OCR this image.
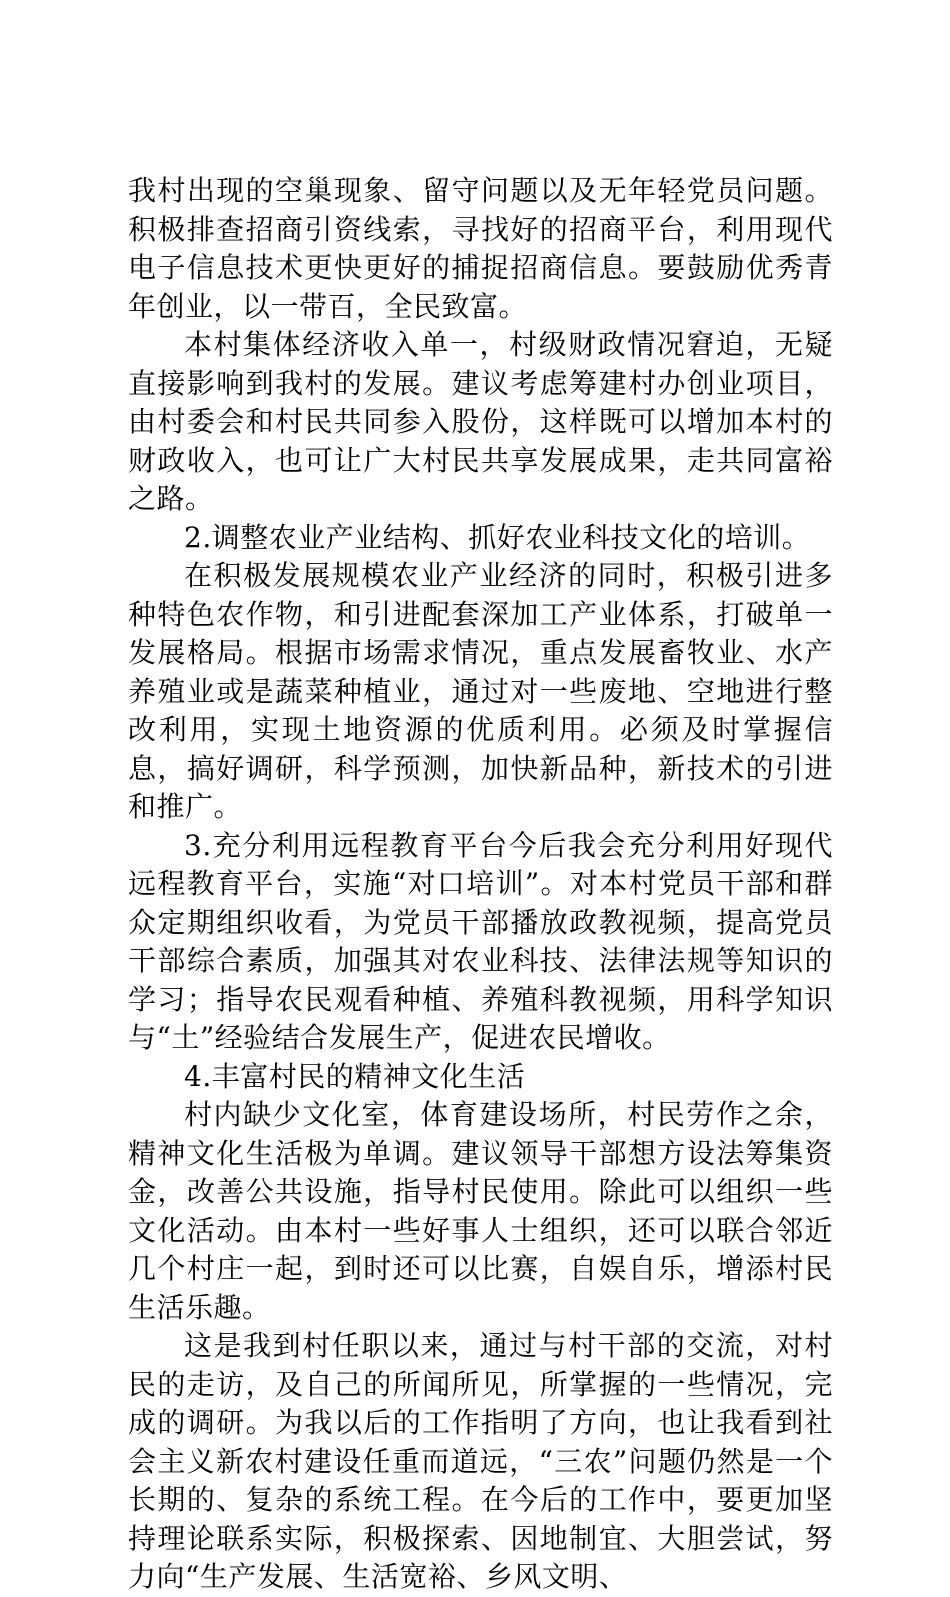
我村出现的空巢现象、留守问题以及无年轻党员问题。积极排查招商引资线索，寻找好的招商平台，利用现代电子信息技术更快更好的捕捉招商信息。要鼓励优秀青年创业，以一带百，全民致富。

本村集体经济收入单一，村级财政情况窘迫，无疑直接影响到我村的发展。建议考虑筹建村办创业项目，由村委会和村民共同参入股份，这样既可以增加本村的财政收入，也可让广大村民共享发展成果，走共同富裕之路。

2.调整农业产业结构、抓好农业科技文化的培训。

在积极发展规模农业产业经济的同时，积极引进多种特色农作物，和引进配套深加工产业体系，打破单一发展格局。根据市场需求情况，重点发展畜牧业、水产养殖业或是蔬菜种植业，通过对一些废地、空地进行整改利用，实现土地资源的优质利用。必须及时掌握信息，搞好调研，科学预测，加快新品种，新技术的引进和推广。

3.充分利用远程教育平台今后我会充分利用好现代远程教育平台，实施“对口培训”。对本村党员干部和群众定期组织收看，为党员干部播放政教视频，提高党员干部综合素质，加强其对农业科技、法律法规等知识的学习；指导农民观看种植、养殖科教视频，用科学知识与“土”经验结合发展生产，促进农民增收。

4.丰富村民的精神文化生活

村内缺少文化室，体育建设场所，村民劳作之余，精神文化生活极为单调。建议领导干部想方设法筹集资金，改善公共设施，指导村民使用。除此可以组织一些文化活动。由本村一些好事人士组织，还可以联合邻近几个村庄一起，到时还可以比赛，自娱自乐，增添村民生活乐趣。

这是我到村任职以来，通过与村干部的交流，对村民的走访，及自己的所闻所见，所掌握的一些情况，完成的调研。为我以后的工作指明了方向，也让我看到社会主义新农村建设任重而道远，“三农”问题仍然是一个长期的、复杂的系统工程。在今后的工作中，要更加坚持理论联系实际，积极探索、因地制宜、大胆尝试，努力向“生产发展、生活宽裕、乡风文明、
